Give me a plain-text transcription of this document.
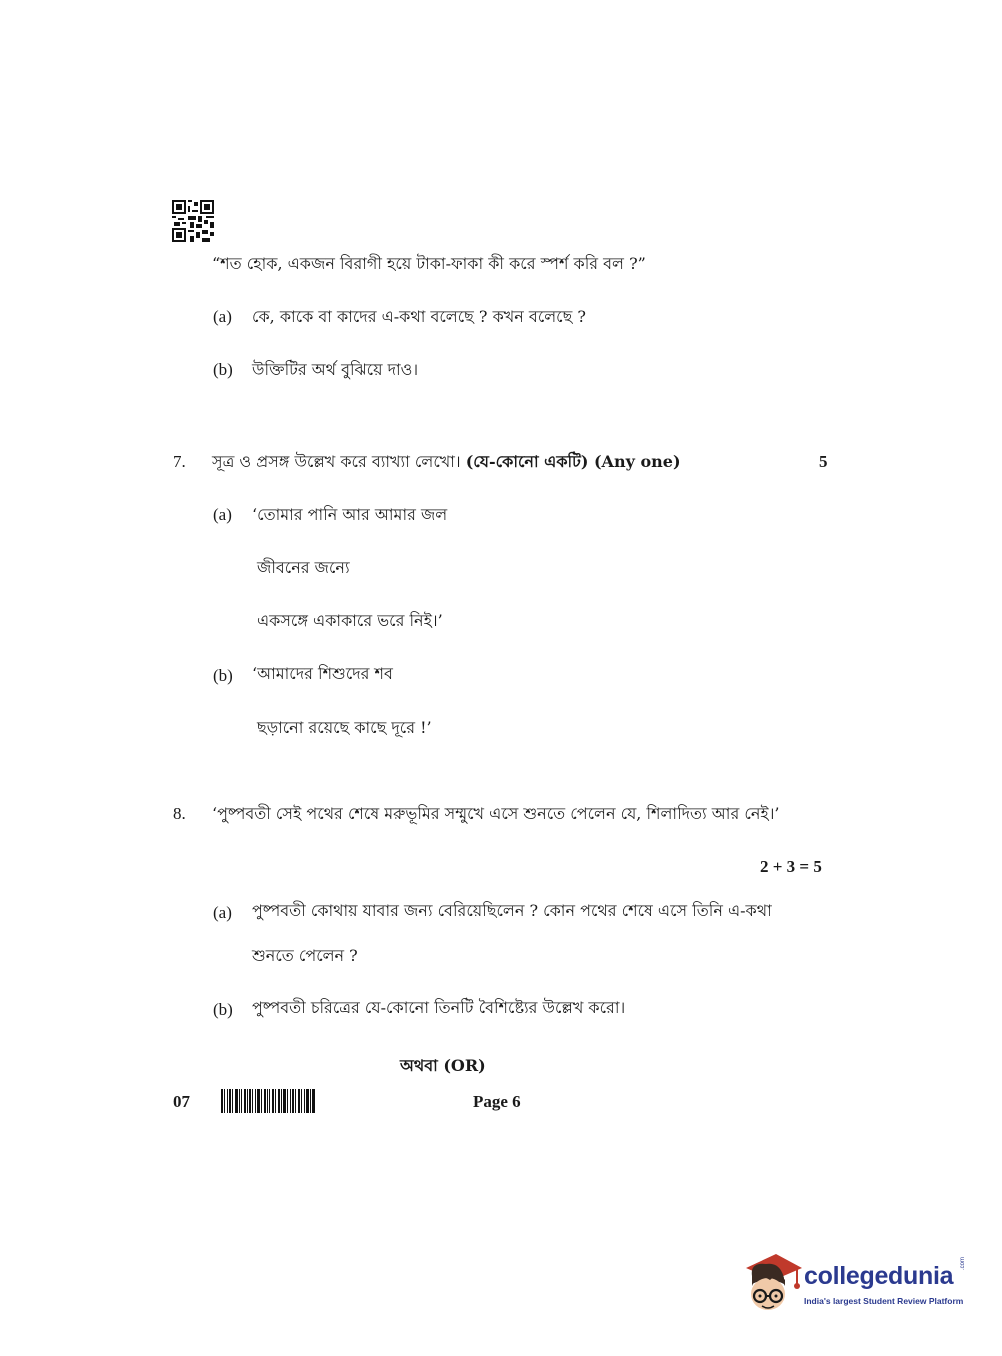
“শত হোক, একজন বিরাগী হয়ে টাকা-ফাকা কী করে স্পর্শ করি বল ?”
(a) কে, কাকে বা কাদের এ-কথা বলেছে ? কখন বলেছে ?
(b) উক্তিটির অর্থ বুঝিয়ে দাও।
7. সূত্র ও প্রসঙ্গ উল্লেখ করে ব্যাখ্যা লেখো। (যে-কোনো একটি) (Any one)	5
(a) ‘তোমার পানি আর আমার জল
জীবনের জন্যে
একসঙ্গে একাকারে ভরে নিই।’
(b) ‘আমাদের শিশুদের শব
ছড়ানো রয়েছে কাছে দূরে !’
8. ‘পুষ্পবতী সেই পথের শেষে মরুভূমির সম্মুখে এসে শুনতে পেলেন যে, শিলাদিত্য আর নেই।’
2 + 3 = 5
(a) পুষ্পবতী কোথায় যাবার জন্য বেরিয়েছিলেন ? কোন পথের শেষে এসে তিনি এ-কথা
শুনতে পেলেন ?
(b) পুষ্পবতী চরিত্রের যে-কোনো তিনটি বৈশিষ্ট্যের উল্লেখ করো।
অথবা (OR)
07	Page 6
collegedunia .com
India's largest Student Review Platform
